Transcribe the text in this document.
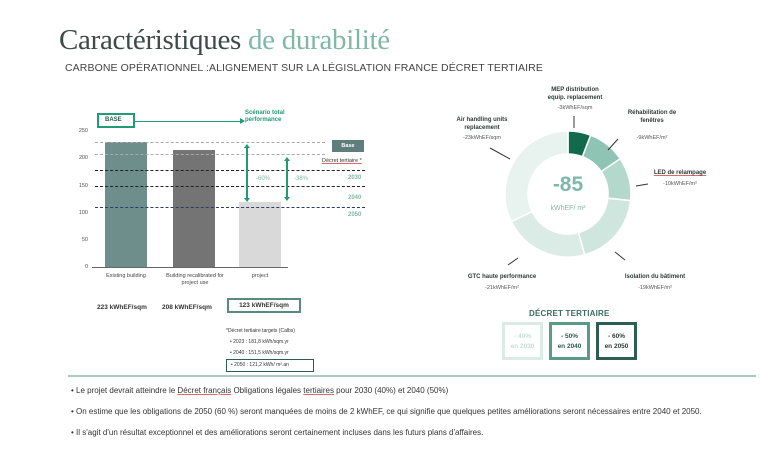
Caractéristiques de durabilité
CARBONE OPÉRATIONNEL :ALIGNEMENT SUR LA LÉGISLATION FRANCE DÉCRET TERTIAIRE
BASE
Scénario total
performance
250
200
150
100
50
0
-60%	-38%
Base
Décret tertiaire *
2030
2040
2050
Existing building	Building recalibrated for
project use
project
223 kWhEF/sqm 208 kWhEF/sqm	123 kWhEF/sqm
*Décret tertiaire targets (Calbs)
• 2023 : 181,8 kWh/sqm.yr
• 2040 : 151,5 kWh/sqm.yr
• 2050 : 121,2 kWh/ m².an
-85
kWhEF/ m²
MEP distribution
equip. replacement
-3kWhEF/sqm
Réhabilitation de
fenêtres
-9kWhEF/m²
LED de relampage
-10kWhEF/m²
Isolation du bâtiment
-19kWhEF/m²
GTC haute performance
-21kWhEF/m²
Air handling units
replacement
-23kWhEF/sqm
DÉCRET TERTIAIRE
- 40%
en 2030
- 50%
en 2040
- 60%
en 2050
• Le projet devrait atteindre le Décret français Obligations légales tertiaires pour 2030 (40%) et 2040 (50%)
• On estime que les obligations de 2050 (60 %) seront manquées de moins de 2 kWhEF, ce qui signifie que quelques petites améliorations seront nécessaires entre 2040 et 2050.
• Il s'agit d'un résultat exceptionnel et des améliorations seront certainement incluses dans les futurs plans d'affaires.
